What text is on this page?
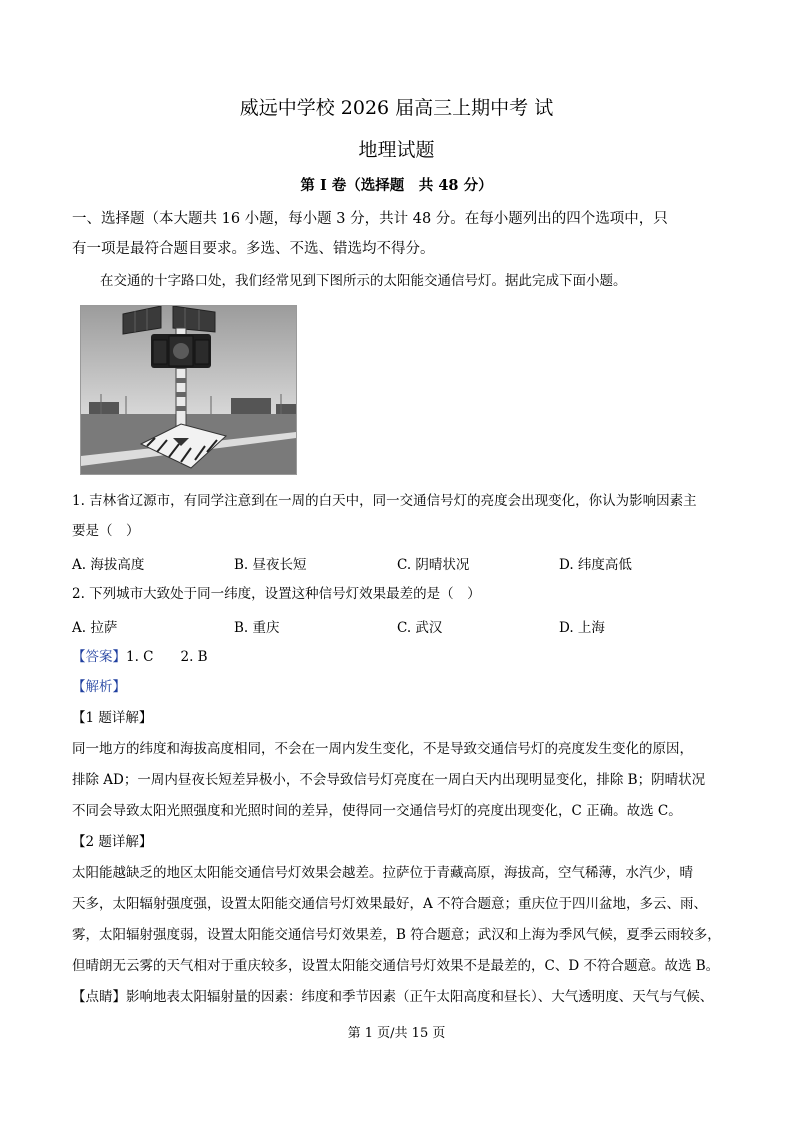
威远中学校 2026 届高三上期中考 试
地理试题
第 I 卷（选择题　共 48 分）
一、选择题（本大题共 16 小题，每小题 3 分，共计 48 分。在每小题列出的四个选项中，只
有一项是最符合题目要求。多选、不选、错选均不得分。
在交通的十字路口处，我们经常见到下图所示的太阳能交通信号灯。据此完成下面小题。
1. 吉林省辽源市，有同学注意到在一周的白天中，同一交通信号灯的亮度会出现变化，你认为影响因素主
要是（　）
A. 海拔高度	B. 昼夜长短	C. 阴晴状况	D. 纬度高低
2. 下列城市大致处于同一纬度，设置这种信号灯效果最差的是（　）
A. 拉萨	B. 重庆	C. 武汉	D. 上海
【答案】1. C　　2. B
【解析】
【1 题详解】
同一地方的纬度和海拔高度相同，不会在一周内发生变化，不是导致交通信号灯的亮度发生变化的原因，
排除 AD；一周内昼夜长短差异极小，不会导致信号灯亮度在一周白天内出现明显变化，排除 B；阴晴状况
不同会导致太阳光照强度和光照时间的差异，使得同一交通信号灯的亮度出现变化，C 正确。故选 C。
【2 题详解】
太阳能越缺乏的地区太阳能交通信号灯效果会越差。拉萨位于青藏高原，海拔高，空气稀薄，水汽少，晴
天多，太阳辐射强度强，设置太阳能交通信号灯效果最好，A 不符合题意；重庆位于四川盆地，多云、雨、
雾，太阳辐射强度弱，设置太阳能交通信号灯效果差，B 符合题意；武汉和上海为季风气候，夏季云雨较多，
但晴朗无云雾的天气相对于重庆较多，设置太阳能交通信号灯效果不是最差的，C、D 不符合题意。故选 B。
【点睛】影响地表太阳辐射量的因素：纬度和季节因素（正午太阳高度和昼长）、大气透明度、天气与气候、
第 1 页/共 15 页
